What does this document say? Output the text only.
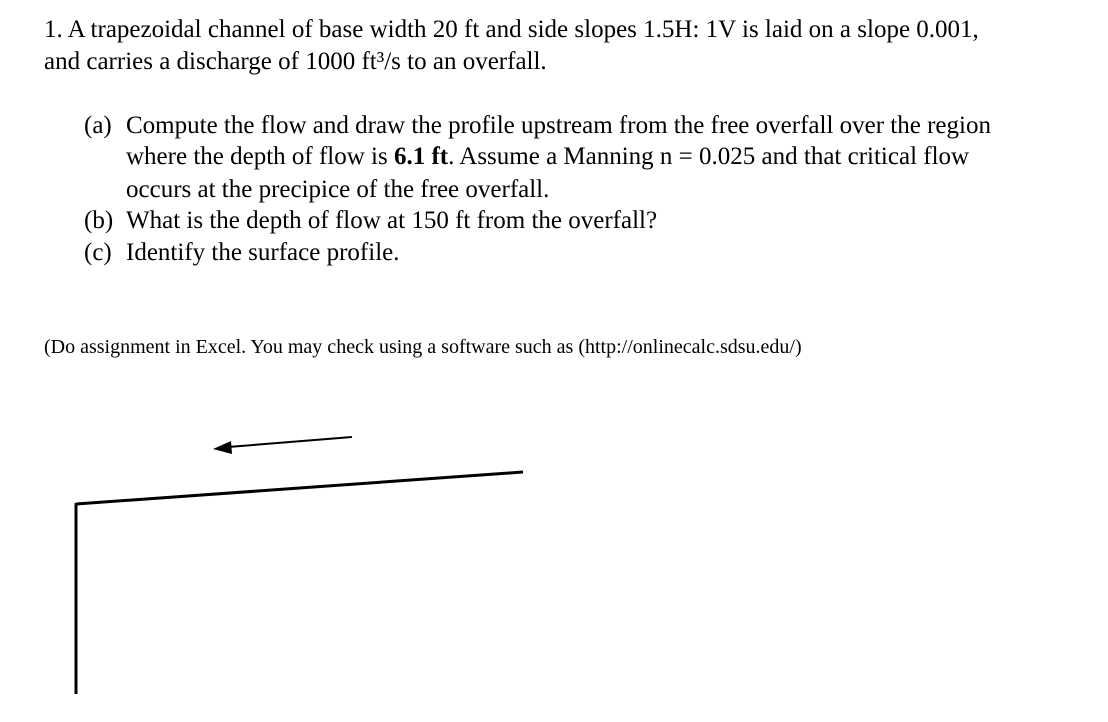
1. A trapezoidal channel of base width 20 ft and side slopes 1.5H: 1V is laid on a slope 0.001,
and carries a discharge of 1000 ft³/s to an overfall.
(a) Compute the flow and draw the profile upstream from the free overfall over the region
where the depth of flow is 6.1 ft. Assume a Manning n = 0.025 and that critical flow
occurs at the precipice of the free overfall.
(b) What is the depth of flow at 150 ft from the overfall?
(c) Identify the surface profile.
(Do assignment in Excel. You may check using a software such as (http://onlinecalc.sdsu.edu/)
